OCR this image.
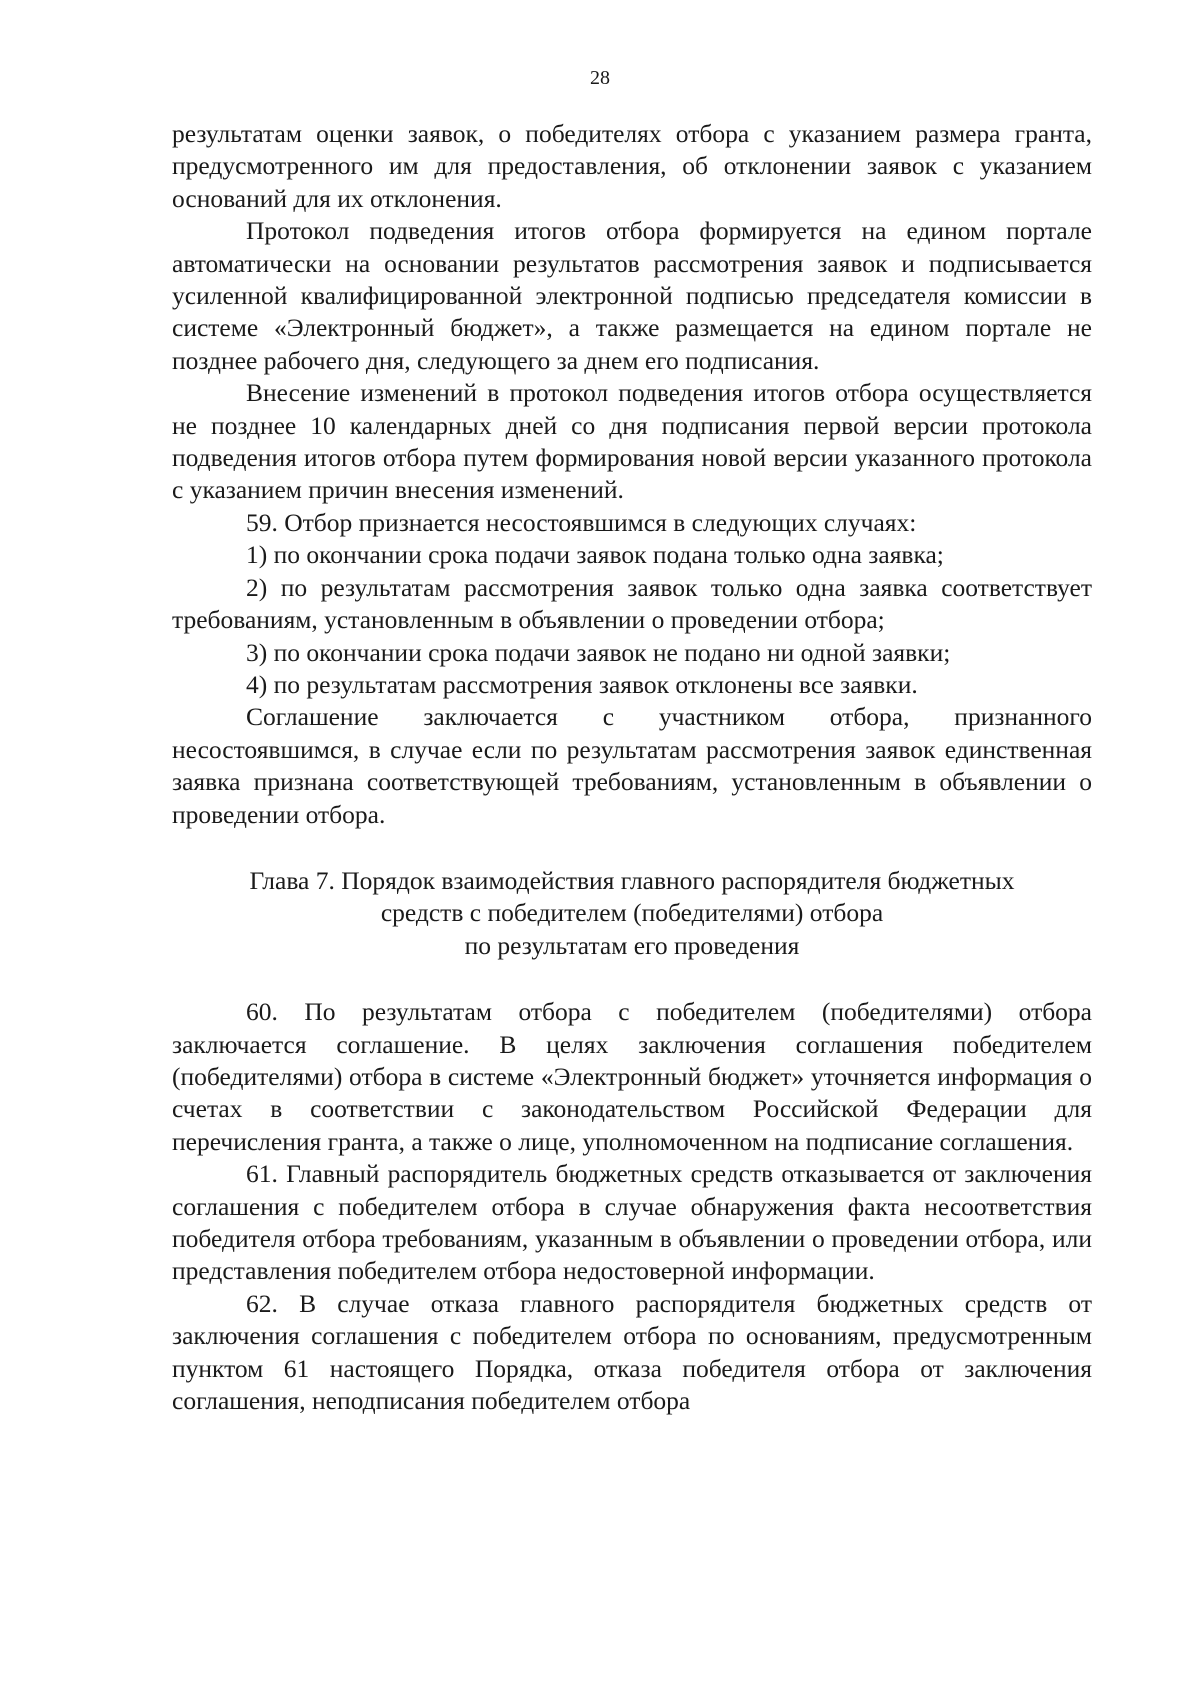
28

результатам оценки заявок, о победителях отбора с указанием размера гранта, предусмотренного им для предоставления, об отклонении заявок с указанием оснований для их отклонения.

Протокол подведения итогов отбора формируется на едином портале автоматически на основании результатов рассмотрения заявок и подписывается усиленной квалифицированной электронной подписью председателя комиссии в системе «Электронный бюджет», а также размещается на едином портале не позднее рабочего дня, следующего за днем его подписания.

Внесение изменений в протокол подведения итогов отбора осуществляется не позднее 10 календарных дней со дня подписания первой версии протокола подведения итогов отбора путем формирования новой версии указанного протокола с указанием причин внесения изменений.

59. Отбор признается несостоявшимся в следующих случаях:

1) по окончании срока подачи заявок подана только одна заявка;

2) по результатам рассмотрения заявок только одна заявка соответствует требованиям, установленным в объявлении о проведении отбора;

3) по окончании срока подачи заявок не подано ни одной заявки;

4) по результатам рассмотрения заявок отклонены все заявки.

Соглашение заключается с участником отбора, признанного несостоявшимся, в случае если по результатам рассмотрения заявок единственная заявка признана соответствующей требованиям, установленным в объявлении о проведении отбора.

Глава 7. Порядок взаимодействия главного распорядителя бюджетных
средств с победителем (победителями) отбора
по результатам его проведения

60. По результатам отбора с победителем (победителями) отбора заключается соглашение. В целях заключения соглашения победителем (победителями) отбора в системе «Электронный бюджет» уточняется информация о счетах в соответствии с законодательством Российской Федерации для перечисления гранта, а также о лице, уполномоченном на подписание соглашения.

61. Главный распорядитель бюджетных средств отказывается от заключения соглашения с победителем отбора в случае обнаружения факта несоответствия победителя отбора требованиям, указанным в объявлении о проведении отбора, или представления победителем отбора недостоверной информации.

62. В случае отказа главного распорядителя бюджетных средств от заключения соглашения с победителем отбора по основаниям, предусмотренным пунктом 61 настоящего Порядка, отказа победителя отбора от заключения соглашения, неподписания победителем отбора
